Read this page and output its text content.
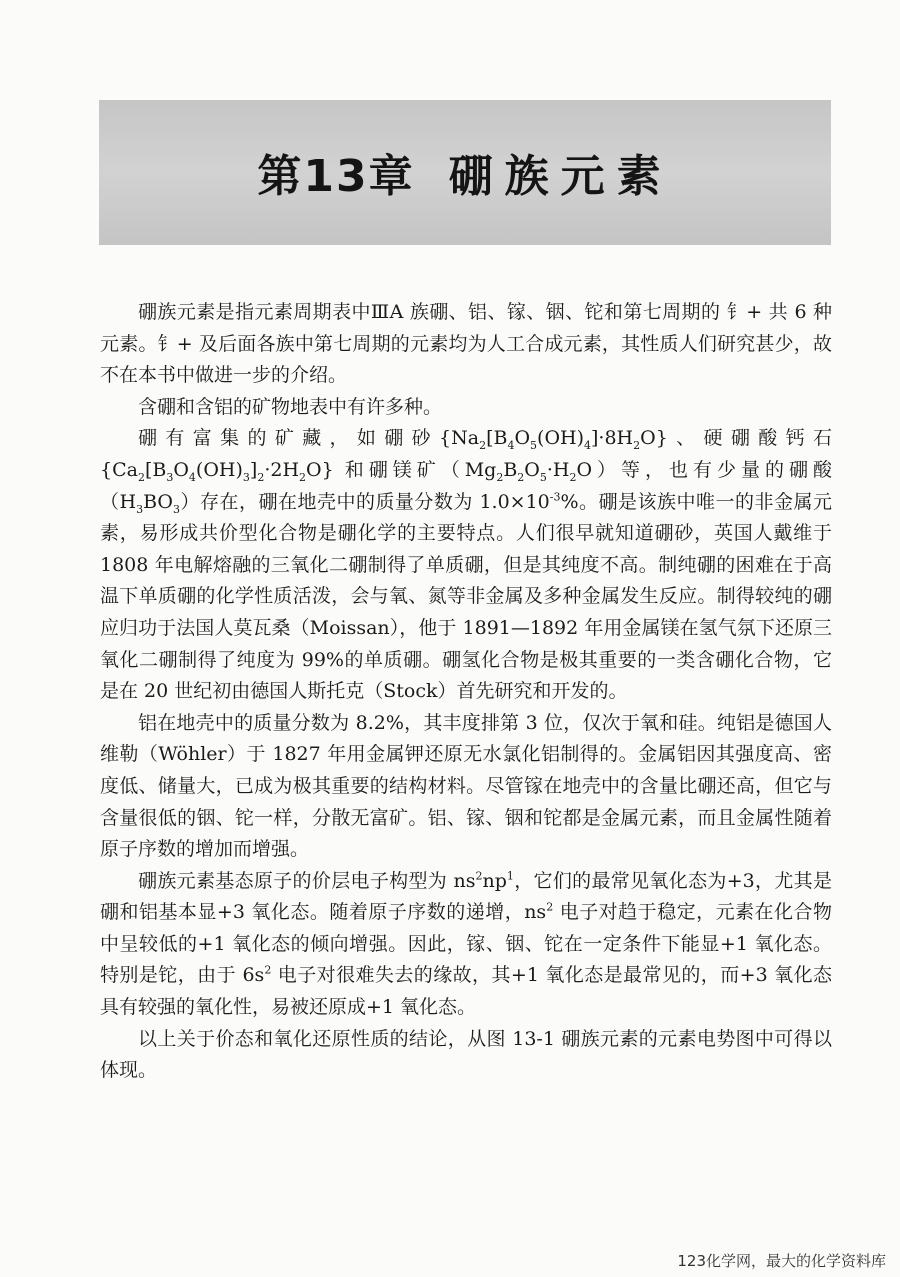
第13章 硼族元素

硼族元素是指元素周期表中ⅢA 族硼、铝、镓、铟、铊和第七周期的 钅+ 共 6 种元素。钅+ 及后面各族中第七周期的元素均为人工合成元素，其性质人们研究甚少，故不在本书中做进一步的介绍。

含硼和含铝的矿物地表中有许多种。

硼有富集的矿藏，如硼砂$\{Na_2[B_4O_5(OH)_4]\cdot 8H_2O\}$、硬硼酸钙石$\{Ca_2[B_3O_4(OH)_3]_2\cdot 2H_2O\}$ 和硼镁矿$(Mg_2B_2O_5\cdot H_2O)$等，也有少量的硼酸$(H_3BO_3)$存在，硼在地壳中的质量分数为 $1.0\times 10^{-3}\%$。硼是该族中唯一的非金属元素，易形成共价型化合物是硼化学的主要特点。人们很早就知道硼砂，英国人戴维于 1808 年电解熔融的三氧化二硼制得了单质硼，但是其纯度不高。制纯硼的困难在于高温下单质硼的化学性质活泼，会与氧、氮等非金属及多种金属发生反应。制得较纯的硼应归功于法国人莫瓦桑（Moissan），他于 1891—1892 年用金属镁在氢气氛下还原三氧化二硼制得了纯度为 99%的单质硼。硼氢化合物是极其重要的一类含硼化合物，它是在 20 世纪初由德国人斯托克（Stock）首先研究和开发的。

铝在地壳中的质量分数为 8.2%，其丰度排第 3 位，仅次于氧和硅。纯铝是德国人维勒（Wöhler）于 1827 年用金属钾还原无水氯化铝制得的。金属铝因其强度高、密度低、储量大，已成为极其重要的结构材料。尽管镓在地壳中的含量比硼还高，但它与含量很低的铟、铊一样，分散无富矿。铝、镓、铟和铊都是金属元素，而且金属性随着原子序数的增加而增强。

硼族元素基态原子的价层电子构型为 $ns^2np^1$，它们的最常见氧化态为+3，尤其是硼和铝基本显+3 氧化态。随着原子序数的递增，$ns^2$ 电子对趋于稳定，元素在化合物中呈较低的+1 氧化态的倾向增强。因此，镓、铟、铊在一定条件下能显+1 氧化态。特别是铊，由于 $6s^2$ 电子对很难失去的缘故，其+1 氧化态是最常见的，而+3 氧化态具有较强的氧化性，易被还原成+1 氧化态。

以上关于价态和氧化还原性质的结论，从图 13-1 硼族元素的元素电势图中可得以体现。

123化学网，最大的化学资料库
